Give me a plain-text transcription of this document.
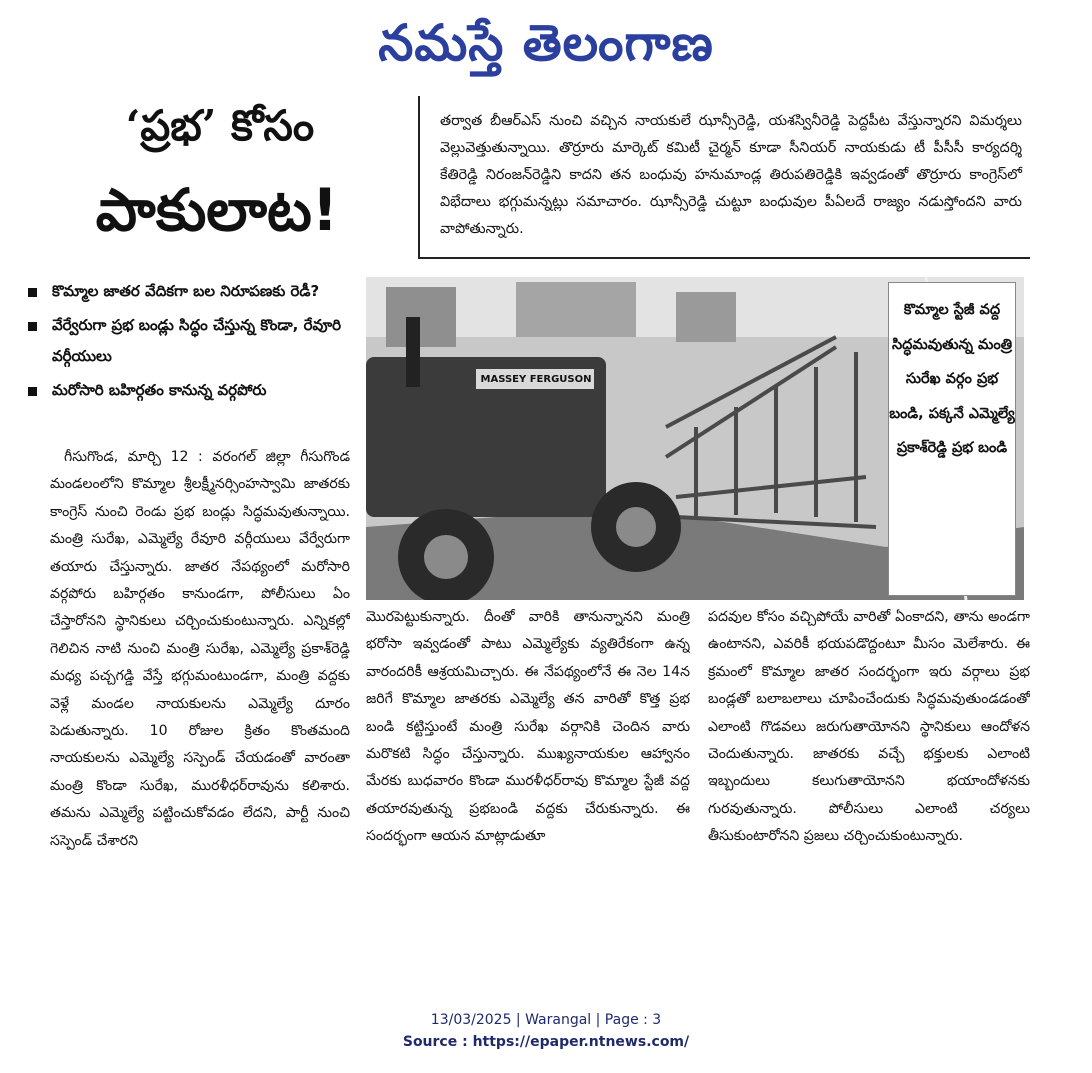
నమస్తే తెలంగాణ
‘ప్రభ’ కోసం
పాకులాట!

తర్వాత బీఆర్ఎస్ నుంచి వచ్చిన నాయకులే ఝాన్సీరెడ్డి, యశస్వినీరెడ్డి పెద్దపీట వేస్తున్నారని విమర్శలు వెల్లువెత్తుతున్నాయి. తొర్రూరు మార్కెట్ కమిటీ చైర్మన్ కూడా సీనియర్ నాయకుడు టీ పీసీసీ కార్యదర్శి కేతిరెడ్డి నిరంజన్‌రెడ్డిని కాదని తన బంధువు హనుమాండ్ల తిరుపతిరెడ్డికి ఇవ్వడంతో తొర్రూరు కాంగ్రెస్‌లో విభేదాలు భగ్గుమన్నట్లు సమాచారం. ఝాన్సీరెడ్డి చుట్టూ బంధువుల పీఏలదే రాజ్యం నడుస్తోందని వారు వాపోతున్నారు.

కొమ్మాల జాతర వేదికగా బల నిరూపణకు రెడీ?
వేర్వేరుగా ప్రభ బండ్లు సిద్ధం చేస్తున్న కొండా, రేవూరి వర్గీయులు
మరోసారి బహిర్గతం కానున్న వర్గపోరు

గీసుగొండ, మార్చి 12 : వరంగల్ జిల్లా గీసుగొండ మండలంలోని కొమ్మాల శ్రీలక్ష్మీనర్సింహస్వామి జాతరకు కాంగ్రెస్ నుంచి రెండు ప్రభ బండ్లు సిద్ధమవుతున్నాయి. మంత్రి సురేఖ, ఎమ్మెల్యే రేవూరి వర్గీయులు వేర్వేరుగా తయారు చేస్తున్నారు. జాతర నేపథ్యంలో మరోసారి వర్గపోరు బహిర్గతం కానుండగా, పోలీసులు ఏం చేస్తారోనని స్థానికులు చర్చించుకుంటున్నారు. ఎన్నికల్లో గెలిచిన నాటి నుంచి మంత్రి సురేఖ, ఎమ్మెల్యే ప్రకాశ్‌రెడ్డి మధ్య పచ్చగడ్డి వేస్తే భగ్గుమంటుండగా, మంత్రి వద్దకు వెళ్లే మండల నాయకులను ఎమ్మెల్యే దూరం పెడుతున్నారు. 10 రోజుల క్రితం కొంతమంది నాయకులను ఎమ్మెల్యే సస్పెండ్ చేయడంతో వారంతా మంత్రి కొండా సురేఖ, మురళీధర్‌రావును కలిశారు. తమను ఎమ్మెల్యే పట్టించుకోవడం లేదని, పార్టీ నుంచి సస్పెండ్ చేశారని

MASSEY FERGUSON
కొమ్మాల స్టేజీ వద్ద సిద్ధమవుతున్న మంత్రి సురేఖ వర్గం ప్రభ బండి, పక్కనే ఎమ్మెల్యే ప్రకాశ్‌రెడ్డి ప్రభ బండి

మొరపెట్టుకున్నారు. దీంతో వారికి తానున్నానని మంత్రి భరోసా ఇవ్వడంతో పాటు ఎమ్మెల్యేకు వ్యతిరేకంగా ఉన్న వారందరికీ ఆశ్రయమిచ్చారు. ఈ నేపథ్యంలోనే ఈ నెల 14న జరిగే కొమ్మాల జాతరకు ఎమ్మెల్యే తన వారితో కొత్త ప్రభ బండి కట్టిస్తుంటే మంత్రి సురేఖ వర్గానికి చెందిన వారు మరొకటి సిద్ధం చేస్తున్నారు. ముఖ్యనాయకుల ఆహ్వానం మేరకు బుధవారం కొండా మురళీధర్‌రావు కొమ్మాల స్టేజీ వద్ద తయారవుతున్న ప్రభబండి వద్దకు చేరుకున్నారు. ఈ సందర్భంగా ఆయన మాట్లాడుతూ

పదవుల కోసం వచ్చిపోయే వారితో ఏంకాదని, తాను అండగా ఉంటానని, ఎవరికీ భయపడొద్దంటూ మీసం మెలేశారు. ఈ క్రమంలో కొమ్మాల జాతర సందర్భంగా ఇరు వర్గాలు ప్రభ బండ్లతో బలాబలాలు చూపించేందుకు సిద్ధమవుతుండడంతో ఎలాంటి గొడవలు జరుగుతాయోనని స్థానికులు ఆందోళన చెందుతున్నారు. జాతరకు వచ్చే భక్తులకు ఎలాంటి ఇబ్బందులు కలుగుతాయోనని భయాందోళనకు గురవుతున్నారు. పోలీసులు ఎలాంటి చర్యలు తీసుకుంటారోనని ప్రజలు చర్చించుకుంటున్నారు.

13/03/2025 | Warangal | Page : 3
Source : https://epaper.ntnews.com/
